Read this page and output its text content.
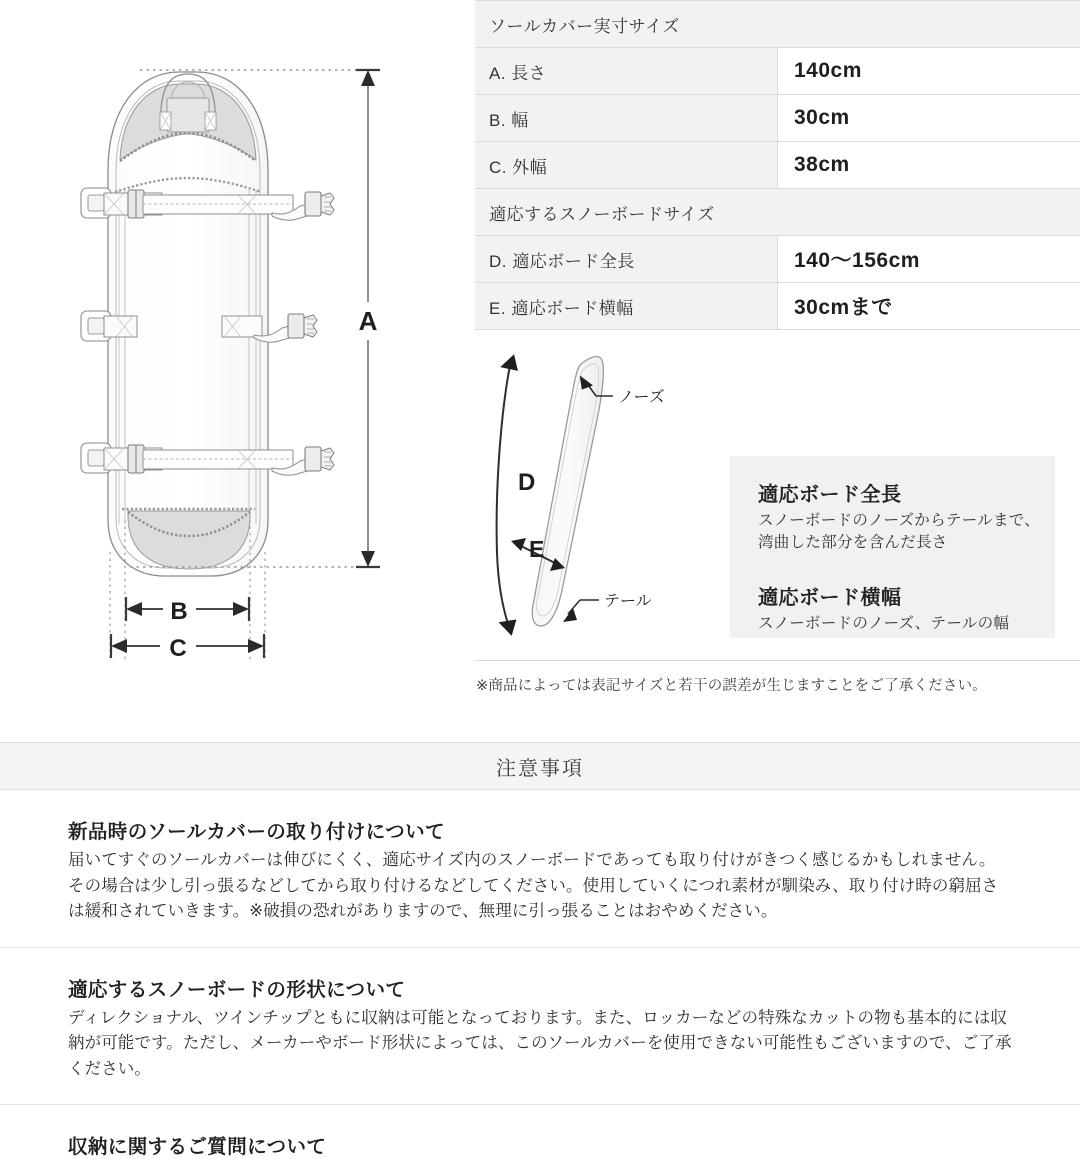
A
B
C
ソールカバー実寸サイズ	
A. 長さ	140cm
B. 幅	30cm
C. 外幅	38cm
適応するスノーボードサイズ	
D. 適応ボード全長	140〜156cm
E. 適応ボード横幅	30cmまで
D
E
ノーズ
テール
適応ボード全長
スノーボードのノーズからテールまで、
湾曲した部分を含んだ長さ
適応ボード横幅
スノーボードのノーズ、テールの幅
※商品によっては表記サイズと若干の誤差が生じますことをご了承ください。
注意事項
新品時のソールカバーの取り付けについて
届いてすぐのソールカバーは伸びにくく、適応サイズ内のスノーボードであっても取り付けがきつく感じるかもしれません。その場合は少し引っ張るなどしてから取り付けるなどしてください。使用していくにつれ素材が馴染み、取り付け時の窮屈さは緩和されていきます。※破損の恐れがありますので、無理に引っ張ることはおやめください。
適応するスノーボードの形状について
ディレクショナル、ツインチップともに収納は可能となっております。また、ロッカーなどの特殊なカットの物も基本的には収納が可能です。ただし、メーカーやボード形状によっては、このソールカバーを使用できない可能性もございますので、ご了承ください。
収納に関するご質問について
